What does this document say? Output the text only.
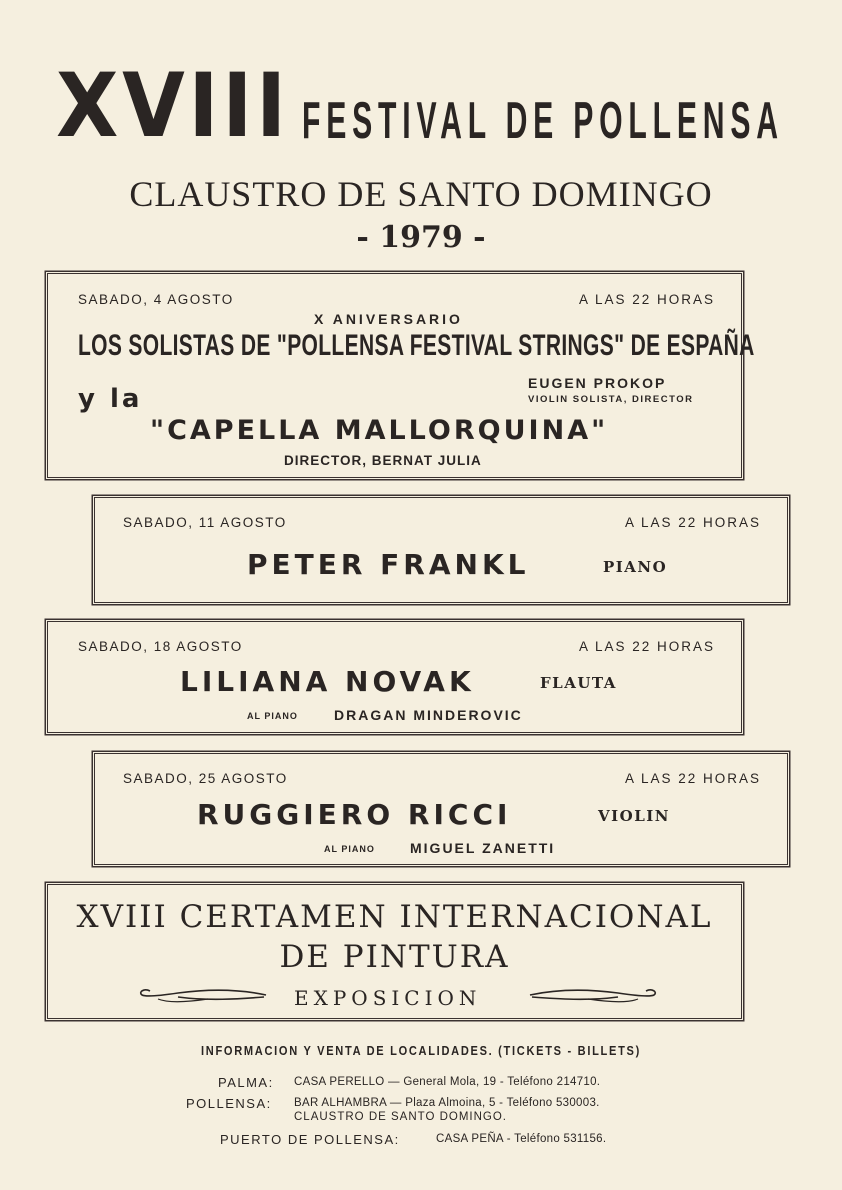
XVIII FESTIVAL DE POLLENSA
CLAUSTRO DE SANTO DOMINGO
- 1979 -
SABADO, 4 AGOSTO	A LAS 22 HORAS
X ANIVERSARIO
LOS SOLISTAS DE "POLLENSA FESTIVAL STRINGS" DE ESPAÑA
EUGEN PROKOP
VIOLIN SOLISTA, DIRECTOR
y la
"CAPELLA MALLORQUINA"
DIRECTOR, BERNAT JULIA
SABADO, 11 AGOSTO	A LAS 22 HORAS
PETER FRANKL	PIANO
SABADO, 18 AGOSTO	A LAS 22 HORAS
LILIANA NOVAK	FLAUTA
AL PIANO	DRAGAN MINDEROVIC
SABADO, 25 AGOSTO	A LAS 22 HORAS
RUGGIERO RICCI	VIOLIN
AL PIANO	MIGUEL ZANETTI
XVIII CERTAMEN INTERNACIONAL
DE PINTURA
EXPOSICION
INFORMACION Y VENTA DE LOCALIDADES. (TICKETS - BILLETS)
PALMA: CASA PERELLO — General Mola, 19 - Teléfono 214710.
POLLENSA: BAR ALHAMBRA — Plaza Almoina, 5 - Teléfono 530003.
CLAUSTRO DE SANTO DOMINGO.
PUERTO DE POLLENSA:	CASA PEÑA - Teléfono 531156.
